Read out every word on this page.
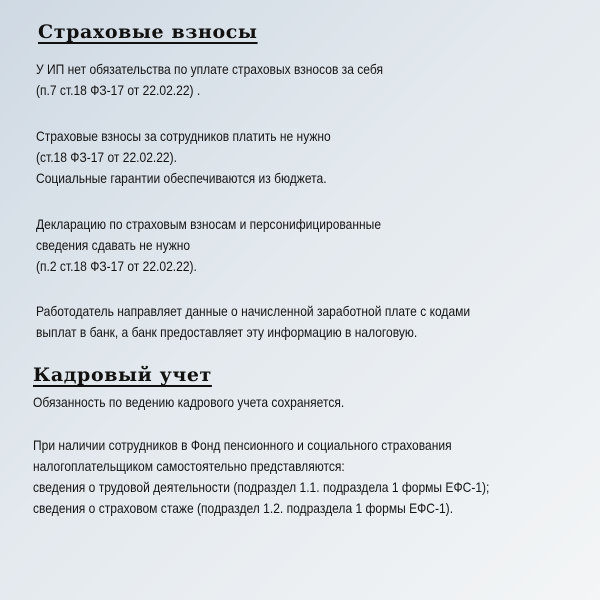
Страховые взносы
У ИП нет обязательства по уплате страховых взносов за себя
(п.7 ст.18 ФЗ-17 от 22.02.22) .
Страховые взносы за сотрудников платить не нужно
(ст.18 ФЗ-17 от 22.02.22).
Социальные гарантии обеспечиваются из бюджета.
Декларацию по страховым взносам и персонифицированные
сведения сдавать не нужно
(п.2 ст.18 ФЗ-17 от 22.02.22).
Работодатель направляет данные о начисленной заработной плате с кодами
выплат в банк, а банк предоставляет эту информацию в налоговую.
Кадровый учет
Обязанность по ведению кадрового учета сохраняется.
При наличии сотрудников в Фонд пенсионного и социального страхования
налогоплательщиком самостоятельно представляются:
сведения о трудовой деятельности (подраздел 1.1. подраздела 1 формы ЕФС-1);
сведения о страховом стаже (подраздел 1.2. подраздела 1 формы ЕФС-1).
